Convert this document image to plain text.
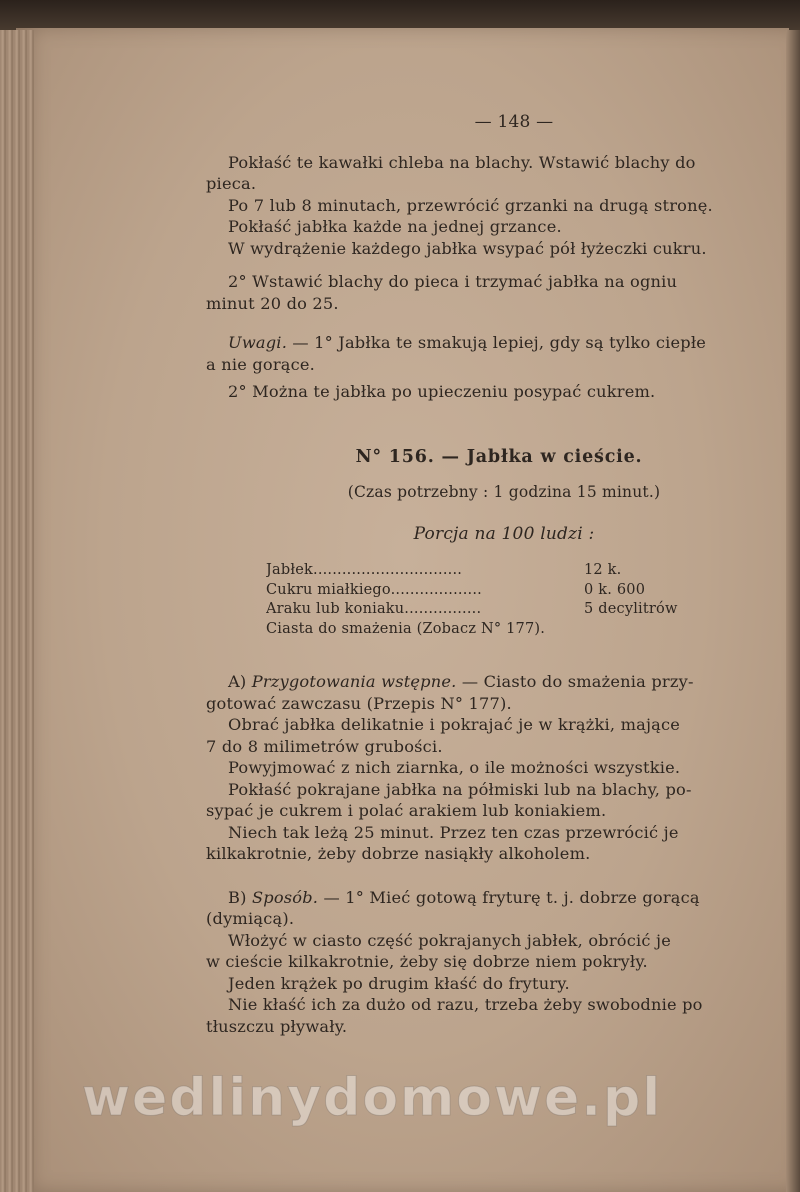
— 148 —
Pokłaść te kawałki chleba na blachy. Wstawić blachy do
pieca.
Po 7 lub 8 minutach, przewrócić grzanki na drugą stronę.
Pokłaść jabłka każde na jednej grzance.
W wydrążenie każdego jabłka wsypać pół łyżeczki cukru.
2° Wstawić blachy do pieca i trzymać jabłka na ogniu
minut 20 do 25.
Uwagi. — 1° Jabłka te smakują lepiej, gdy są tylko ciepłe
a nie gorące.
2° Można te jabłka po upieczeniu posypać cukrem.
N° 156. — Jabłka w cieście.
(Czas potrzebny : 1 godzina 15 minut.)
Porcja na 100 ludzi :
Jabłek...............................	12 k.
Cukru miałkiego...................	0 k. 600
Araku lub koniaku................	5 decylitrów
Ciasta do smażenia (Zobacz N° 177).
A) Przygotowania wstępne. — Ciasto do smażenia przy-
gotować zawczasu (Przepis N° 177).
Obrać jabłka delikatnie i pokrajać je w krążki, mające
7 do 8 milimetrów grubości.
Powyjmować z nich ziarnka, o ile możności wszystkie.
Pokłaść pokrajane jabłka na półmiski lub na blachy, po-
sypać je cukrem i polać arakiem lub koniakiem.
Niech tak leżą 25 minut. Przez ten czas przewrócić je
kilkakrotnie, żeby dobrze nasiąkły alkoholem.
B) Sposób. — 1° Mieć gotową fryturę t. j. dobrze gorącą
(dymiącą).
Włożyć w ciasto część pokrajanych jabłek, obrócić je
w cieście kilkakrotnie, żeby się dobrze niem pokryły.
Jeden krążek po drugim kłaść do frytury.
Nie kłaść ich za dużo od razu, trzeba żeby swobodnie po
tłuszczu pływały.
wedlinydomowe.pl
